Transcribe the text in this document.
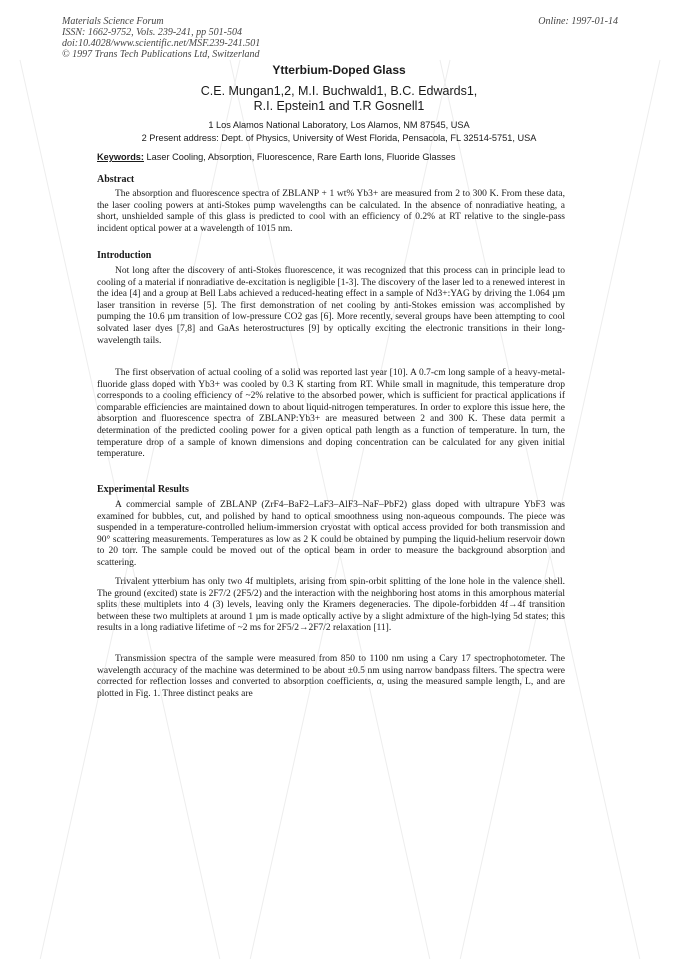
Materials Science Forum
ISSN: 1662-9752, Vols. 239-241, pp 501-504
doi:10.4028/www.scientific.net/MSF.239-241.501
© 1997 Trans Tech Publications Ltd, Switzerland
Online: 1997-01-14
Ytterbium-Doped Glass
C.E. Mungan1,2, M.I. Buchwald1, B.C. Edwards1,
R.I. Epstein1 and T.R Gosnell1
1 Los Alamos National Laboratory, Los Alamos, NM 87545, USA
2 Present address: Dept. of Physics, University of West Florida, Pensacola, FL 32514-5751, USA
Keywords: Laser Cooling, Absorption, Fluorescence, Rare Earth Ions, Fluoride Glasses
Abstract
The absorption and fluorescence spectra of ZBLANP + 1 wt% Yb3+ are measured from 2 to 300 K. From these data, the laser cooling powers at anti-Stokes pump wavelengths can be calculated. In the absence of nonradiative heating, a short, unshielded sample of this glass is predicted to cool with an efficiency of 0.2% at RT relative to the single-pass incident optical power at a wavelength of 1015 nm.
Introduction
Not long after the discovery of anti-Stokes fluorescence, it was recognized that this process can in principle lead to cooling of a material if nonradiative de-excitation is negligible [1-3]. The discovery of the laser led to a renewed interest in the idea [4] and a group at Bell Labs achieved a reduced-heating effect in a sample of Nd3+:YAG by driving the 1.064 µm laser transition in reverse [5]. The first demonstration of net cooling by anti-Stokes emission was accomplished by pumping the 10.6 µm transition of low-pressure CO2 gas [6]. More recently, several groups have been attempting to cool solvated laser dyes [7,8] and GaAs heterostructures [9] by optically exciting the electronic transitions in their long-wavelength tails.
The first observation of actual cooling of a solid was reported last year [10]. A 0.7-cm long sample of a heavy-metal-fluoride glass doped with Yb3+ was cooled by 0.3 K starting from RT. While small in magnitude, this temperature drop corresponds to a cooling efficiency of ~2% relative to the absorbed power, which is sufficient for practical applications if comparable efficiencies are maintained down to about liquid-nitrogen temperatures. In order to explore this issue here, the absorption and fluorescence spectra of ZBLANP:Yb3+ are measured between 2 and 300 K. These data permit a determination of the predicted cooling power for a given optical path length as a function of temperature. In turn, the temperature drop of a sample of known dimensions and doping concentration can be calculated for any given initial temperature.
Experimental Results
A commercial sample of ZBLANP (ZrF4–BaF2–LaF3–AlF3–NaF–PbF2) glass doped with ultrapure YbF3 was examined for bubbles, cut, and polished by hand to optical smoothness using non-aqueous compounds. The piece was suspended in a temperature-controlled helium-immersion cryostat with optical access provided for both transmission and 90° scattering measurements. Temperatures as low as 2 K could be obtained by pumping the liquid-helium reservoir down to 20 torr. The sample could be moved out of the optical beam in order to measure the background absorption and scattering.
Trivalent ytterbium has only two 4f multiplets, arising from spin-orbit splitting of the lone hole in the valence shell. The ground (excited) state is 2F7/2 (2F5/2) and the interaction with the neighboring host atoms in this amorphous material splits these multiplets into 4 (3) levels, leaving only the Kramers degeneracies. The dipole-forbidden 4f→4f transition between these two multiplets at around 1 µm is made optically active by a slight admixture of the high-lying 5d states; this results in a long radiative lifetime of ~2 ms for 2F5/2→2F7/2 relaxation [11].
Transmission spectra of the sample were measured from 850 to 1100 nm using a Cary 17 spectrophotometer. The wavelength accuracy of the machine was determined to be about ±0.5 nm using narrow bandpass filters. The spectra were corrected for reflection losses and converted to absorption coefficients, α, using the measured sample length, L, and are plotted in Fig. 1. Three distinct peaks are
